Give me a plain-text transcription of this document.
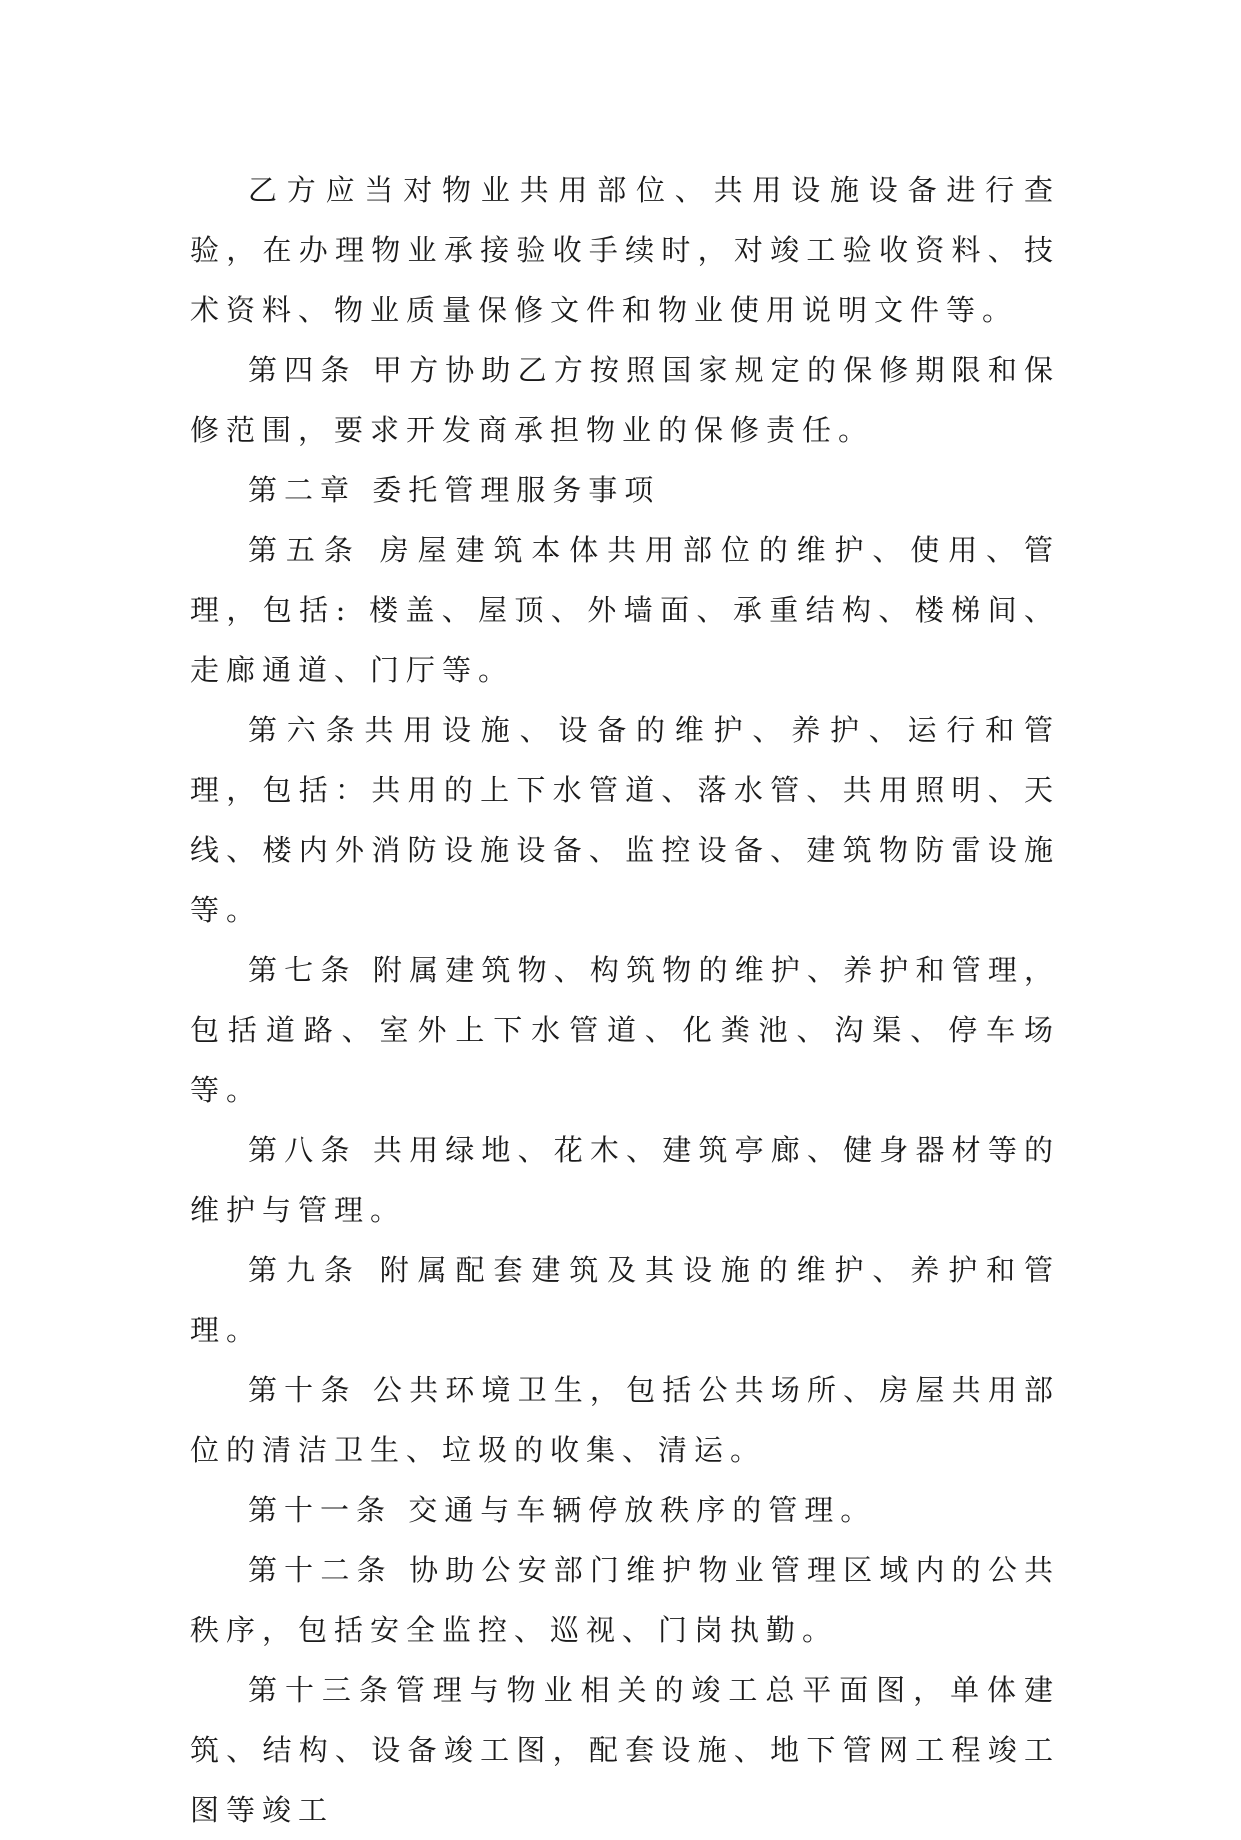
乙方应当对物业共用部位、共用设施设备进行查验，在办理物业承接验收手续时，对竣工验收资料、技术资料、物业质量保修文件和物业使用说明文件等。

第四条 甲方协助乙方按照国家规定的保修期限和保修范围，要求开发商承担物业的保修责任。

第二章 委托管理服务事项

第五条 房屋建筑本体共用部位的维护、使用、管理，包括: 楼盖、屋顶、外墙面、承重结构、楼梯间、走廊通道、门厅等。

第六条共用设施、设备的维护、养护、运行和管理，包括：共用的上下水管道、落水管、共用照明、天线、楼内外消防设施设备、监控设备、建筑物防雷设施等。

第七条 附属建筑物、构筑物的维护、养护和管理，包括道路、室外上下水管道、化粪池、沟渠、停车场等。

第八条 共用绿地、花木、建筑亭廊、健身器材等的维护与管理。

第九条 附属配套建筑及其设施的维护、养护和管理。

第十条 公共环境卫生，包括公共场所、房屋共用部位的清洁卫生、垃圾的收集、清运。

第十一条 交通与车辆停放秩序的管理。

第十二条 协助公安部门维护物业管理区域内的公共秩序，包括安全监控、巡视、门岗执勤。

第十三条管理与物业相关的竣工总平面图，单体建筑、结构、设备竣工图，配套设施、地下管网工程竣工图等竣工
